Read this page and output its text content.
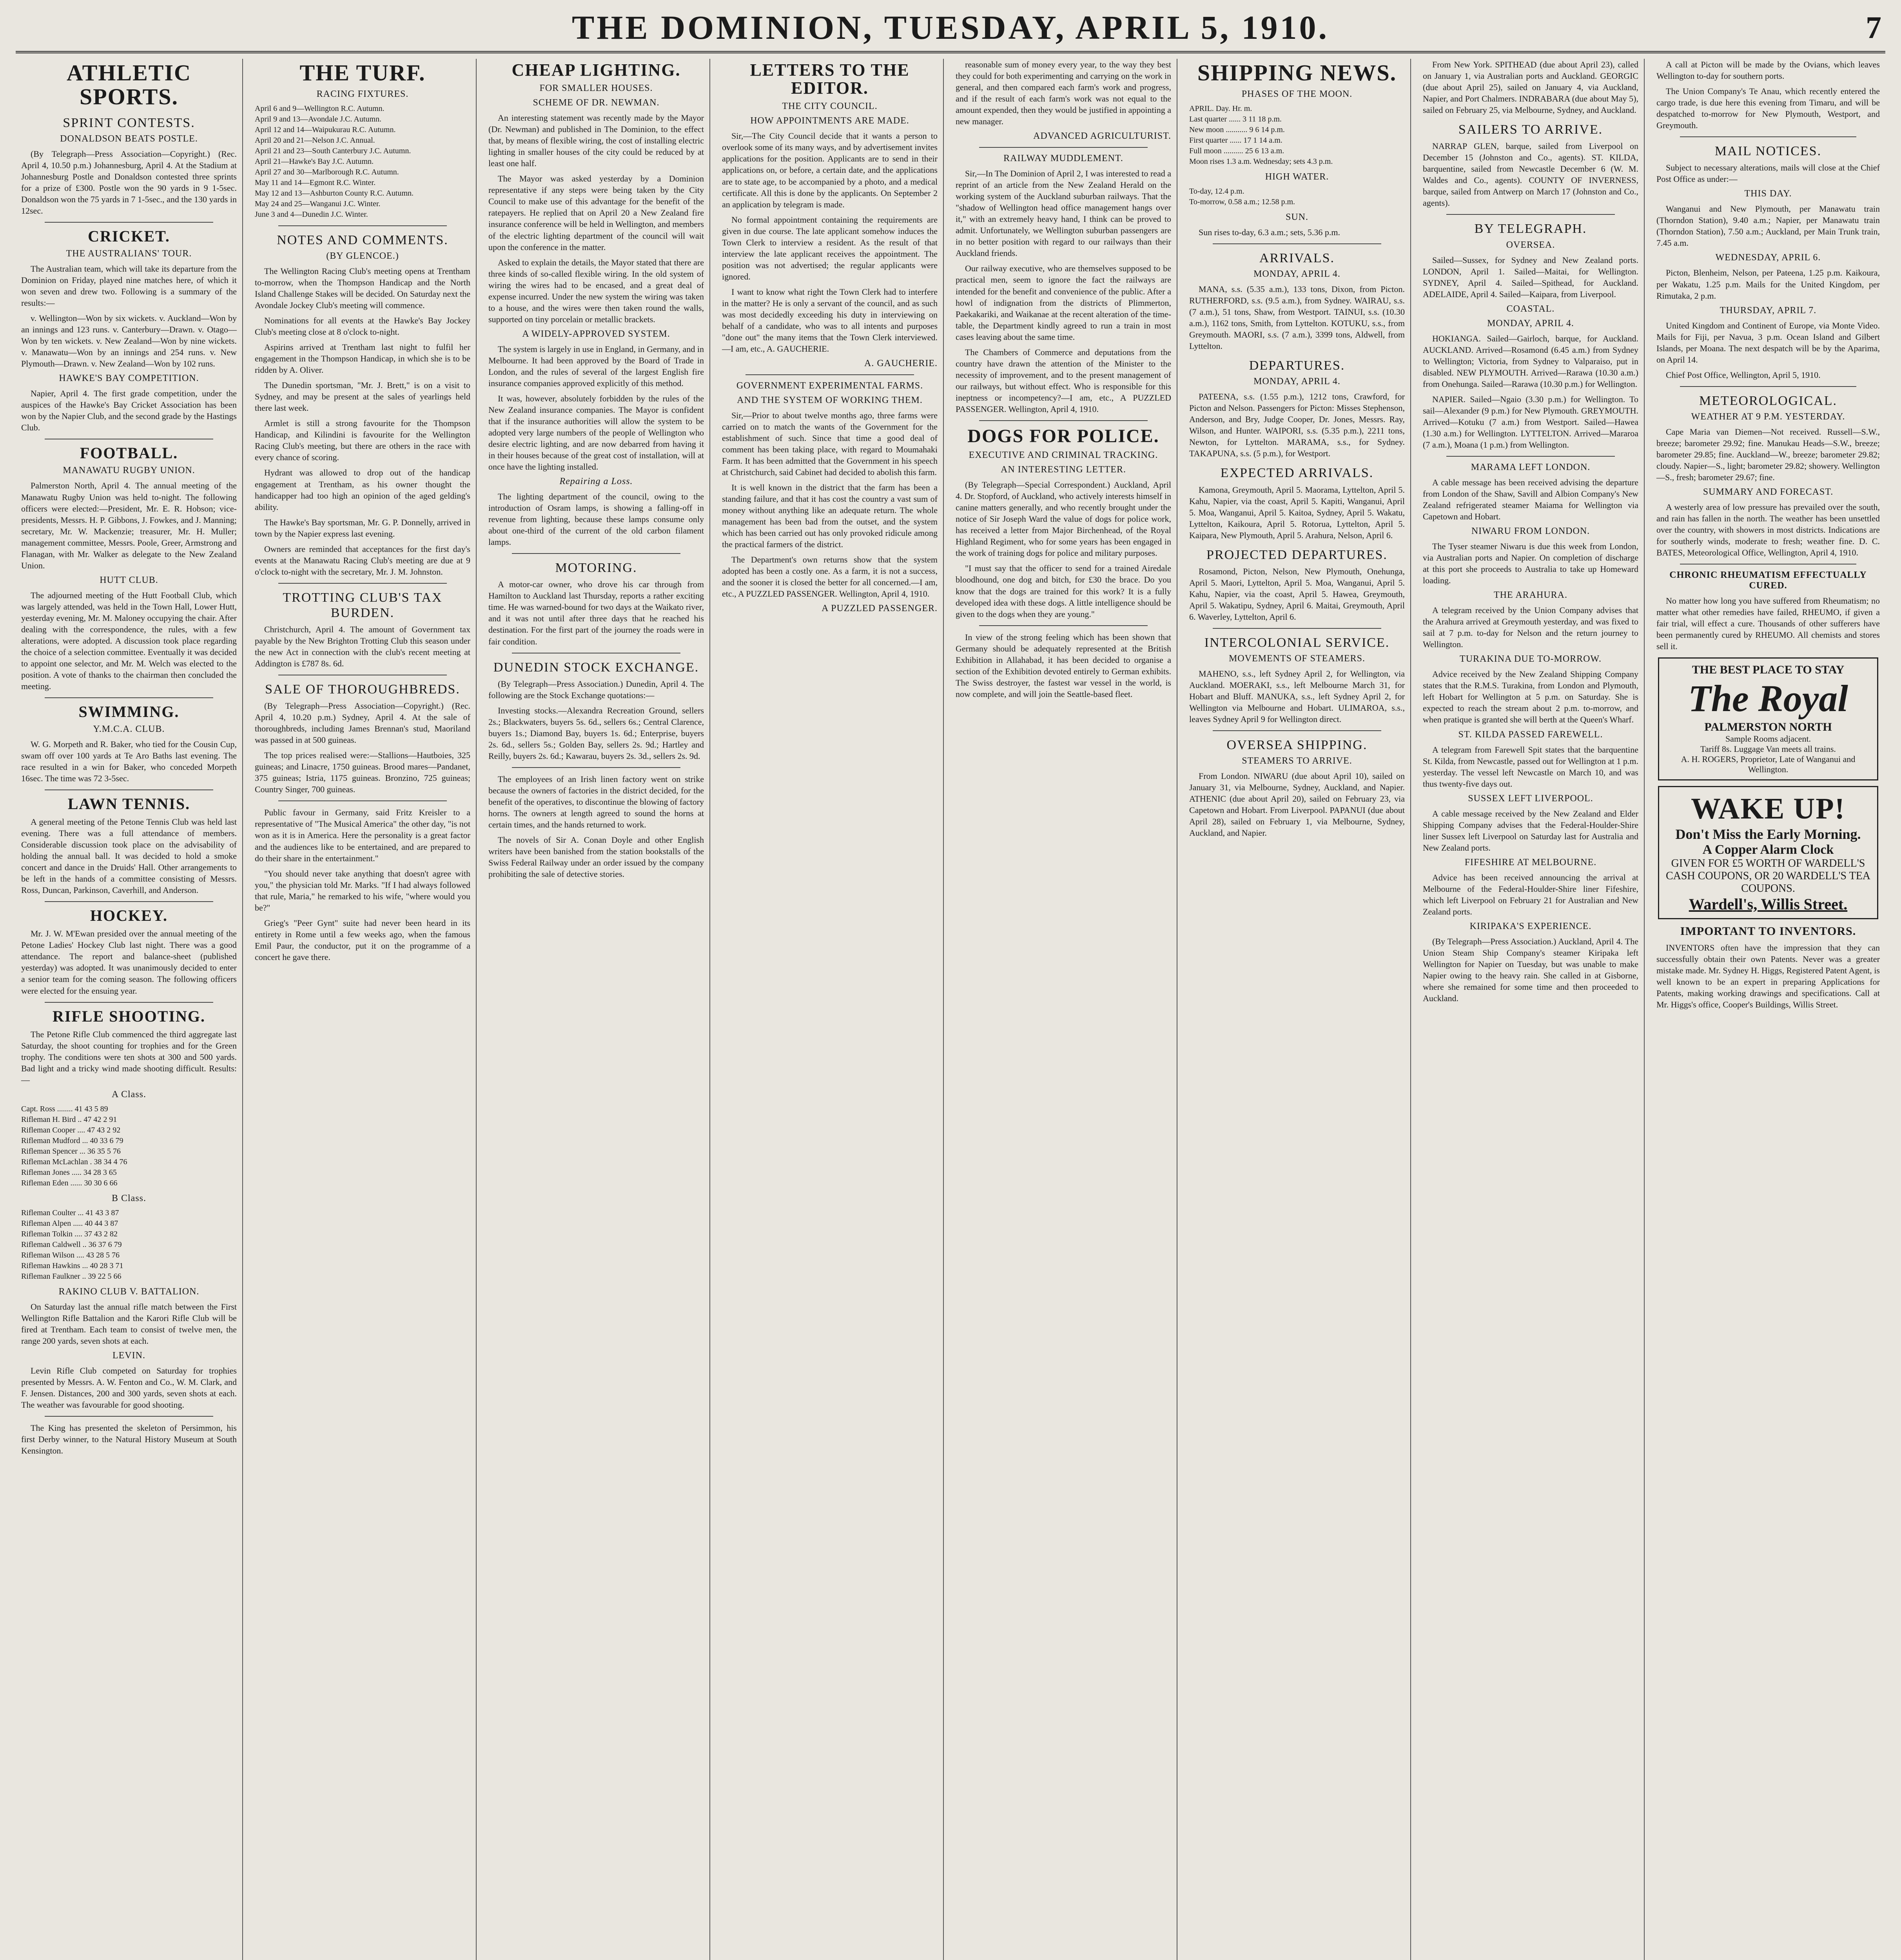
THE DOMINION, TUESDAY, APRIL 5, 1910.	7
ATHLETIC SPORTS.
SPRINT CONTESTS.
DONALDSON BEATS POSTLE.

(By Telegraph—Press Association—Copyright.) (Rec. April 4, 10.50 p.m.) Johannesburg, April 4. At the Stadium at Johannesburg Postle and Donaldson contested three sprints for a prize of £300. Postle won the 90 yards in 9 1-5sec. Donaldson won the 75 yards in 7 1-5sec., and the 130 yards in 12sec.

CRICKET.
THE AUSTRALIANS' TOUR.

The Australian team, which will take its departure from the Dominion on Friday, played nine matches here, of which it won seven and drew two. Following is a summary of the results:—

v. Wellington—Won by six wickets. v. Auckland—Won by an innings and 123 runs. v. Canterbury—Drawn. v. Otago—Won by ten wickets. v. New Zealand—Won by nine wickets. v. Manawatu—Won by an innings and 254 runs. v. New Plymouth—Drawn. v. New Zealand—Won by 102 runs.

HAWKE'S BAY COMPETITION.

Napier, April 4. The first grade competition, under the auspices of the Hawke's Bay Cricket Association has been won by the Napier Club, and the second grade by the Hastings Club.

FOOTBALL.
MANAWATU RUGBY UNION.

Palmerston North, April 4. The annual meeting of the Manawatu Rugby Union was held to-night. The following officers were elected:—President, Mr. E. R. Hobson; vice-presidents, Messrs. H. P. Gibbons, J. Fowkes, and J. Manning; secretary, Mr. W. Mackenzie; treasurer, Mr. H. Muller; management committee, Messrs. Poole, Greer, Armstrong and Flanagan, with Mr. Walker as delegate to the New Zealand Union.

HUTT CLUB.

The adjourned meeting of the Hutt Football Club, which was largely attended, was held in the Town Hall, Lower Hutt, yesterday evening, Mr. M. Maloney occupying the chair. After dealing with the correspondence, the rules, with a few alterations, were adopted. A discussion took place regarding the choice of a selection committee. Eventually it was decided to appoint one selector, and Mr. M. Welch was elected to the position. A vote of thanks to the chairman then concluded the meeting.

SWIMMING.
Y.M.C.A. CLUB.

W. G. Morpeth and R. Baker, who tied for the Cousin Cup, swam off over 100 yards at Te Aro Baths last evening. The race resulted in a win for Baker, who conceded Morpeth 16sec. The time was 72 3-5sec.

LAWN TENNIS.

A general meeting of the Petone Tennis Club was held last evening. There was a full attendance of members. Considerable discussion took place on the advisability of holding the annual ball. It was decided to hold a smoke concert and dance in the Druids' Hall. Other arrangements to be left in the hands of a committee consisting of Messrs. Ross, Duncan, Parkinson, Caverhill, and Anderson.

HOCKEY.

Mr. J. W. M'Ewan presided over the annual meeting of the Petone Ladies' Hockey Club last night. There was a good attendance. The report and balance-sheet (published yesterday) was adopted. It was unanimously decided to enter a senior team for the coming season. The following officers were elected for the ensuing year.

RIFLE SHOOTING.

The Petone Rifle Club commenced the third aggregate last Saturday, the shoot counting for trophies and for the Green trophy. The conditions were ten shots at 300 and 500 yards. Bad light and a tricky wind made shooting difficult. Results:—

A Class.
Capt. Ross ........ 41 43 5 89
Rifleman H. Bird .. 47 42 2 91
Rifleman Cooper .... 47 43 2 92
Rifleman Mudford ... 40 33 6 79
Rifleman Spencer ... 36 35 5 76
Rifleman McLachlan . 38 34 4 76
Rifleman Jones ..... 34 28 3 65
Rifleman Eden ...... 30 30 6 66
B Class.
Rifleman Coulter ... 41 43 3 87
Rifleman Alpen ..... 40 44 3 87
Rifleman Tolkin .... 37 43 2 82
Rifleman Caldwell .. 36 37 6 79
Rifleman Wilson .... 43 28 5 76
Rifleman Hawkins ... 40 28 3 71
Rifleman Faulkner .. 39 22 5 66
RAKINO CLUB V. BATTALION.

On Saturday last the annual rifle match between the First Wellington Rifle Battalion and the Karori Rifle Club will be fired at Trentham. Each team to consist of twelve men, the range 200 yards, seven shots at each.

LEVIN.

Levin Rifle Club competed on Saturday for trophies presented by Messrs. A. W. Fenton and Co., W. M. Clark, and F. Jensen. Distances, 200 and 300 yards, seven shots at each. The weather was favourable for good shooting.

The King has presented the skeleton of Persimmon, his first Derby winner, to the Natural History Museum at South Kensington.

THE TURF.
RACING FIXTURES.
April 6 and 9—Wellington R.C. Autumn.
April 9 and 13—Avondale J.C. Autumn.
April 12 and 14—Waipukurau R.C. Autumn.
April 20 and 21—Nelson J.C. Annual.
April 21 and 23—South Canterbury J.C. Autumn.
April 21—Hawke's Bay J.C. Autumn.
April 27 and 30—Marlborough R.C. Autumn.
May 11 and 14—Egmont R.C. Winter.
May 12 and 13—Ashburton County R.C. Autumn.
May 24 and 25—Wanganui J.C. Winter.
June 3 and 4—Dunedin J.C. Winter.
NOTES AND COMMENTS.
(BY GLENCOE.)

The Wellington Racing Club's meeting opens at Trentham to-morrow, when the Thompson Handicap and the North Island Challenge Stakes will be decided. On Saturday next the Avondale Jockey Club's meeting will commence.

Nominations for all events at the Hawke's Bay Jockey Club's meeting close at 8 o'clock to-night.

Aspirins arrived at Trentham last night to fulfil her engagement in the Thompson Handicap, in which she is to be ridden by A. Oliver.

The Dunedin sportsman, "Mr. J. Brett," is on a visit to Sydney, and may be present at the sales of yearlings held there last week.

Armlet is still a strong favourite for the Thompson Handicap, and Kilindini is favourite for the Wellington Racing Club's meeting, but there are others in the race with every chance of scoring.

Hydrant was allowed to drop out of the handicap engagement at Trentham, as his owner thought the handicapper had too high an opinion of the aged gelding's ability.

The Hawke's Bay sportsman, Mr. G. P. Donnelly, arrived in town by the Napier express last evening.

Owners are reminded that acceptances for the first day's events at the Manawatu Racing Club's meeting are due at 9 o'clock to-night with the secretary, Mr. J. M. Johnston.

TROTTING CLUB'S TAX BURDEN.

Christchurch, April 4. The amount of Government tax payable by the New Brighton Trotting Club this season under the new Act in connection with the club's recent meeting at Addington is £787 8s. 6d.

SALE OF THOROUGHBREDS.

(By Telegraph—Press Association—Copyright.) (Rec. April 4, 10.20 p.m.) Sydney, April 4. At the sale of thoroughbreds, including James Brennan's stud, Maoriland was passed in at 500 guineas.

The top prices realised were:—Stallions—Hautboies, 325 guineas; and Linacre, 1750 guineas. Brood mares—Pandanet, 375 guineas; Istria, 1175 guineas. Bronzino, 725 guineas; Country Singer, 700 guineas.

Public favour in Germany, said Fritz Kreisler to a representative of "The Musical America" the other day, "is not won as it is in America. Here the personality is a great factor and the audiences like to be entertained, and are prepared to do their share in the entertainment."

"You should never take anything that doesn't agree with you," the physician told Mr. Marks. "If I had always followed that rule, Maria," he remarked to his wife, "where would you be?"

Grieg's "Peer Gynt" suite had never been heard in its entirety in Rome until a few weeks ago, when the famous Emil Paur, the conductor, put it on the programme of a concert he gave there.

CHEAP LIGHTING.
FOR SMALLER HOUSES.
SCHEME OF DR. NEWMAN.

An interesting statement was recently made by the Mayor (Dr. Newman) and published in The Dominion, to the effect that, by means of flexible wiring, the cost of installing electric lighting in smaller houses of the city could be reduced by at least one half.

The Mayor was asked yesterday by a Dominion representative if any steps were being taken by the City Council to make use of this advantage for the benefit of the ratepayers. He replied that on April 20 a New Zealand fire insurance conference will be held in Wellington, and members of the electric lighting department of the council will wait upon the conference in the matter.

Asked to explain the details, the Mayor stated that there are three kinds of so-called flexible wiring. In the old system of wiring the wires had to be encased, and a great deal of expense incurred. Under the new system the wiring was taken to a house, and the wires were then taken round the walls, supported on tiny porcelain or metallic brackets.

A WIDELY-APPROVED SYSTEM.

The system is largely in use in England, in Germany, and in Melbourne. It had been approved by the Board of Trade in London, and the rules of several of the largest English fire insurance companies approved explicitly of this method.

It was, however, absolutely forbidden by the rules of the New Zealand insurance companies. The Mayor is confident that if the insurance authorities will allow the system to be adopted very large numbers of the people of Wellington who desire electric lighting, and are now debarred from having it in their houses because of the great cost of installation, will at once have the lighting installed.

Repairing a Loss.

The lighting department of the council, owing to the introduction of Osram lamps, is showing a falling-off in revenue from lighting, because these lamps consume only about one-third of the current of the old carbon filament lamps.

MOTORING.

A motor-car owner, who drove his car through from Hamilton to Auckland last Thursday, reports a rather exciting time. He was warned-bound for two days at the Waikato river, and it was not until after three days that he reached his destination. For the first part of the journey the roads were in fair condition.

DUNEDIN STOCK EXCHANGE.

(By Telegraph—Press Association.) Dunedin, April 4. The following are the Stock Exchange quotations:—

Investing stocks.—Alexandra Recreation Ground, sellers 2s.; Blackwaters, buyers 5s. 6d., sellers 6s.; Central Clarence, buyers 1s.; Diamond Bay, buyers 1s. 6d.; Enterprise, buyers 2s. 6d., sellers 5s.; Golden Bay, sellers 2s. 9d.; Hartley and Reilly, buyers 2s. 6d.; Kawarau, buyers 2s. 3d., sellers 2s. 9d.

The employees of an Irish linen factory went on strike because the owners of factories in the district decided, for the benefit of the operatives, to discontinue the blowing of factory horns. The owners at length agreed to sound the horns at certain times, and the hands returned to work.

The novels of Sir A. Conan Doyle and other English writers have been banished from the station bookstalls of the Swiss Federal Railway under an order issued by the company prohibiting the sale of detective stories.

LETTERS TO THE EDITOR.
THE CITY COUNCIL.
HOW APPOINTMENTS ARE MADE.

Sir,—The City Council decide that it wants a person to overlook some of its many ways, and by advertisement invites applications for the position. Applicants are to send in their applications on, or before, a certain date, and the applications are to state age, to be accompanied by a photo, and a medical certificate. All this is done by the applicants. On September 2 an application by telegram is made.

No formal appointment containing the requirements are given in due course. The late applicant somehow induces the Town Clerk to interview a resident. As the result of that interview the late applicant receives the appointment. The position was not advertised; the regular applicants were ignored.

I want to know what right the Town Clerk had to interfere in the matter? He is only a servant of the council, and as such was most decidedly exceeding his duty in interviewing on behalf of a candidate, who was to all intents and purposes "done out" the many items that the Town Clerk interviewed.—I am, etc., A. GAUCHERIE.

A. GAUCHERIE.
GOVERNMENT EXPERIMENTAL FARMS.
AND THE SYSTEM OF WORKING THEM.

Sir,—Prior to about twelve months ago, three farms were carried on to match the wants of the Government for the establishment of such. Since that time a good deal of comment has been taking place, with regard to Moumahaki Farm. It has been admitted that the Government in his speech at Christchurch, said Cabinet had decided to abolish this farm.

It is well known in the district that the farm has been a standing failure, and that it has cost the country a vast sum of money without anything like an adequate return. The whole management has been bad from the outset, and the system which has been carried out has only provoked ridicule among the practical farmers of the district.

The Department's own returns show that the system adopted has been a costly one. As a farm, it is not a success, and the sooner it is closed the better for all concerned.—I am, etc., A PUZZLED PASSENGER. Wellington, April 4, 1910.

A PUZZLED PASSENGER.

reasonable sum of money every year, to the way they best they could for both experimenting and carrying on the work in general, and then compared each farm's work and progress, and if the result of each farm's work was not equal to the amount expended, then they would be justified in appointing a new manager.

ADVANCED AGRICULTURIST.
RAILWAY MUDDLEMENT.

Sir,—In The Dominion of April 2, I was interested to read a reprint of an article from the New Zealand Herald on the working system of the Auckland suburban railways. That the "shadow of Wellington head office management hangs over it," with an extremely heavy hand, I think can be proved to admit. Unfortunately, we Wellington suburban passengers are in no better position with regard to our railways than their Auckland friends.

Our railway executive, who are themselves supposed to be practical men, seem to ignore the fact the railways are intended for the benefit and convenience of the public. After a howl of indignation from the districts of Plimmerton, Paekakariki, and Waikanae at the recent alteration of the time-table, the Department kindly agreed to run a train in most cases leaving about the same time.

The Chambers of Commerce and deputations from the country have drawn the attention of the Minister to the necessity of improvement, and to the present management of our railways, but without effect. Who is responsible for this ineptness or incompetency?—I am, etc., A PUZZLED PASSENGER. Wellington, April 4, 1910.

DOGS FOR POLICE.
EXECUTIVE AND CRIMINAL TRACKING.
AN INTERESTING LETTER.

(By Telegraph—Special Correspondent.) Auckland, April 4. Dr. Stopford, of Auckland, who actively interests himself in canine matters generally, and who recently brought under the notice of Sir Joseph Ward the value of dogs for police work, has received a letter from Major Birchenhead, of the Royal Highland Regiment, who for some years has been engaged in the work of training dogs for police and military purposes.

"I must say that the officer to send for a trained Airedale bloodhound, one dog and bitch, for £30 the brace. Do you know that the dogs are trained for this work? It is a fully developed idea with these dogs. A little intelligence should be given to the dogs when they are young."

In view of the strong feeling which has been shown that Germany should be adequately represented at the British Exhibition in Allahabad, it has been decided to organise a section of the Exhibition devoted entirely to German exhibits. The Swiss destroyer, the fastest war vessel in the world, is now complete, and will join the Seattle-based fleet.

SHIPPING NEWS.
PHASES OF THE MOON.
APRIL. Day. Hr. m.
Last quarter ...... 3 11 18 p.m.
New moon ........... 9 6 14 p.m.
First quarter ...... 17 1 14 a.m.
Full moon .......... 25 6 13 a.m.
Moon rises 1.3 a.m. Wednesday; sets 4.3 p.m.
HIGH WATER.
To-day, 12.4 p.m.
To-morrow, 0.58 a.m.; 12.58 p.m.
SUN.

Sun rises to-day, 6.3 a.m.; sets, 5.36 p.m.

ARRIVALS.
MONDAY, APRIL 4.

MANA, s.s. (5.35 a.m.), 133 tons, Dixon, from Picton. RUTHERFORD, s.s. (9.5 a.m.), from Sydney. WAIRAU, s.s. (7 a.m.), 51 tons, Shaw, from Westport. TAINUI, s.s. (10.30 a.m.), 1162 tons, Smith, from Lyttelton. KOTUKU, s.s., from Greymouth. MAORI, s.s. (7 a.m.), 3399 tons, Aldwell, from Lyttelton.

DEPARTURES.
MONDAY, APRIL 4.

PATEENA, s.s. (1.55 p.m.), 1212 tons, Crawford, for Picton and Nelson. Passengers for Picton: Misses Stephenson, Anderson, and Bry, Judge Cooper, Dr. Jones, Messrs. Ray, Wilson, and Hunter. WAIPORI, s.s. (5.35 p.m.), 2211 tons, Newton, for Lyttelton. MARAMA, s.s., for Sydney. TAKAPUNA, s.s. (5 p.m.), for Westport.

EXPECTED ARRIVALS.

Kamona, Greymouth, April 5. Maorama, Lyttelton, April 5. Kahu, Napier, via the coast, April 5. Kapiti, Wanganui, April 5. Moa, Wanganui, April 5. Kaitoa, Sydney, April 5. Wakatu, Lyttelton, Kaikoura, April 5. Rotorua, Lyttelton, April 5. Kaipara, New Plymouth, April 5. Arahura, Nelson, April 6.

PROJECTED DEPARTURES.

Rosamond, Picton, Nelson, New Plymouth, Onehunga, April 5. Maori, Lyttelton, April 5. Moa, Wanganui, April 5. Kahu, Napier, via the coast, April 5. Hawea, Greymouth, April 5. Wakatipu, Sydney, April 6. Maitai, Greymouth, April 6. Waverley, Lyttelton, April 6.

INTERCOLONIAL SERVICE.
MOVEMENTS OF STEAMERS.

MAHENO, s.s., left Sydney April 2, for Wellington, via Auckland. MOERAKI, s.s., left Melbourne March 31, for Hobart and Bluff. MANUKA, s.s., left Sydney April 2, for Wellington via Melbourne and Hobart. ULIMAROA, s.s., leaves Sydney April 9 for Wellington direct.

OVERSEA SHIPPING.
STEAMERS TO ARRIVE.

From London. NIWARU (due about April 10), sailed on January 31, via Melbourne, Sydney, Auckland, and Napier. ATHENIC (due about April 20), sailed on February 23, via Capetown and Hobart. From Liverpool. PAPANUI (due about April 28), sailed on February 1, via Melbourne, Sydney, Auckland, and Napier.

From New York. SPITHEAD (due about April 23), called on January 1, via Australian ports and Auckland. GEORGIC (due about April 25), sailed on January 4, via Auckland, Napier, and Port Chalmers. INDRABARA (due about May 5), sailed on February 25, via Melbourne, Sydney, and Auckland.

SAILERS TO ARRIVE.

NARRAP GLEN, barque, sailed from Liverpool on December 15 (Johnston and Co., agents). ST. KILDA, barquentine, sailed from Newcastle December 6 (W. M. Waldes and Co., agents). COUNTY OF INVERNESS, barque, sailed from Antwerp on March 17 (Johnston and Co., agents).

BY TELEGRAPH.
OVERSEA.

Sailed—Sussex, for Sydney and New Zealand ports. LONDON, April 1. Sailed—Maitai, for Wellington. SYDNEY, April 4. Sailed—Spithead, for Auckland. ADELAIDE, April 4. Sailed—Kaipara, from Liverpool.

COASTAL.
MONDAY, APRIL 4.

HOKIANGA. Sailed—Gairloch, barque, for Auckland. AUCKLAND. Arrived—Rosamond (6.45 a.m.) from Sydney to Wellington; Victoria, from Sydney to Valparaiso, put in disabled. NEW PLYMOUTH. Arrived—Rarawa (10.30 a.m.) from Onehunga. Sailed—Rarawa (10.30 p.m.) for Wellington.

NAPIER. Sailed—Ngaio (3.30 p.m.) for Wellington. To sail—Alexander (9 p.m.) for New Plymouth. GREYMOUTH. Arrived—Kotuku (7 a.m.) from Westport. Sailed—Hawea (1.30 a.m.) for Wellington. LYTTELTON. Arrived—Mararoa (7 a.m.), Moana (1 p.m.) from Wellington.

MARAMA LEFT LONDON.

A cable message has been received advising the departure from London of the Shaw, Savill and Albion Company's New Zealand refrigerated steamer Maiama for Wellington via Capetown and Hobart.

NIWARU FROM LONDON.

The Tyser steamer Niwaru is due this week from London, via Australian ports and Napier. On completion of discharge at this port she proceeds to Australia to take up Homeward loading.

THE ARAHURA.

A telegram received by the Union Company advises that the Arahura arrived at Greymouth yesterday, and was fixed to sail at 7 p.m. to-day for Nelson and the return journey to Wellington.

TURAKINA DUE TO-MORROW.

Advice received by the New Zealand Shipping Company states that the R.M.S. Turakina, from London and Plymouth, left Hobart for Wellington at 5 p.m. on Saturday. She is expected to reach the stream about 2 p.m. to-morrow, and when pratique is granted she will berth at the Queen's Wharf.

ST. KILDA PASSED FAREWELL.

A telegram from Farewell Spit states that the barquentine St. Kilda, from Newcastle, passed out for Wellington at 1 p.m. yesterday. The vessel left Newcastle on March 10, and was thus twenty-five days out.

SUSSEX LEFT LIVERPOOL.

A cable message received by the New Zealand and Elder Shipping Company advises that the Federal-Houlder-Shire liner Sussex left Liverpool on Saturday last for Australia and New Zealand ports.

FIFESHIRE AT MELBOURNE.

Advice has been received announcing the arrival at Melbourne of the Federal-Houlder-Shire liner Fifeshire, which left Liverpool on February 21 for Australian and New Zealand ports.

KIRIPAKA'S EXPERIENCE.

(By Telegraph—Press Association.) Auckland, April 4. The Union Steam Ship Company's steamer Kiripaka left Wellington for Napier on Tuesday, but was unable to make Napier owing to the heavy rain. She called in at Gisborne, where she remained for some time and then proceeded to Auckland.

A call at Picton will be made by the Ovians, which leaves Wellington to-day for southern ports.

The Union Company's Te Anau, which recently entered the cargo trade, is due here this evening from Timaru, and will be despatched to-morrow for New Plymouth, Westport, and Greymouth.

MAIL NOTICES.

Subject to necessary alterations, mails will close at the Chief Post Office as under:—

THIS DAY.

Wanganui and New Plymouth, per Manawatu train (Thorndon Station), 9.40 a.m.; Napier, per Manawatu train (Thorndon Station), 7.50 a.m.; Auckland, per Main Trunk train, 7.45 a.m.

WEDNESDAY, APRIL 6.

Picton, Blenheim, Nelson, per Pateena, 1.25 p.m. Kaikoura, per Wakatu, 1.25 p.m. Mails for the United Kingdom, per Rimutaka, 2 p.m.

THURSDAY, APRIL 7.

United Kingdom and Continent of Europe, via Monte Video. Mails for Fiji, per Navua, 3 p.m. Ocean Island and Gilbert Islands, per Moana. The next despatch will be by the Aparima, on April 14.

Chief Post Office, Wellington, April 5, 1910.

METEOROLOGICAL.
WEATHER AT 9 P.M. YESTERDAY.

Cape Maria van Diemen—Not received. Russell—S.W., breeze; barometer 29.92; fine. Manukau Heads—S.W., breeze; barometer 29.85; fine. Auckland—W., breeze; barometer 29.82; cloudy. Napier—S., light; barometer 29.82; showery. Wellington—S., fresh; barometer 29.67; fine.

SUMMARY AND FORECAST.

A westerly area of low pressure has prevailed over the south, and rain has fallen in the north. The weather has been unsettled over the country, with showers in most districts. Indications are for southerly winds, moderate to fresh; weather fine. D. C. BATES, Meteorological Office, Wellington, April 4, 1910.

CHRONIC RHEUMATISM EFFECTUALLY CURED.

No matter how long you have suffered from Rheumatism; no matter what other remedies have failed, RHEUMO, if given a fair trial, will effect a cure. Thousands of other sufferers have been permanently cured by RHEUMO. All chemists and stores sell it.

THE BEST PLACE TO STAY
The Royal
PALMERSTON NORTH
Sample Rooms adjacent.
Tariff 8s. Luggage Van meets all trains.
A. H. ROGERS, Proprietor, Late of Wanganui and Wellington.
WAKE UP!
Don't Miss the Early Morning.
A Copper Alarm Clock
GIVEN FOR £5 WORTH OF WARDELL'S CASH COUPONS, OR 20 WARDELL'S TEA COUPONS.
Wardell's, Willis Street.
IMPORTANT TO INVENTORS.

INVENTORS often have the impression that they can successfully obtain their own Patents. Never was a greater mistake made. Mr. Sydney H. Higgs, Registered Patent Agent, is well known to be an expert in preparing Applications for Patents, making working drawings and specifications. Call at Mr. Higgs's office, Cooper's Buildings, Willis Street.
